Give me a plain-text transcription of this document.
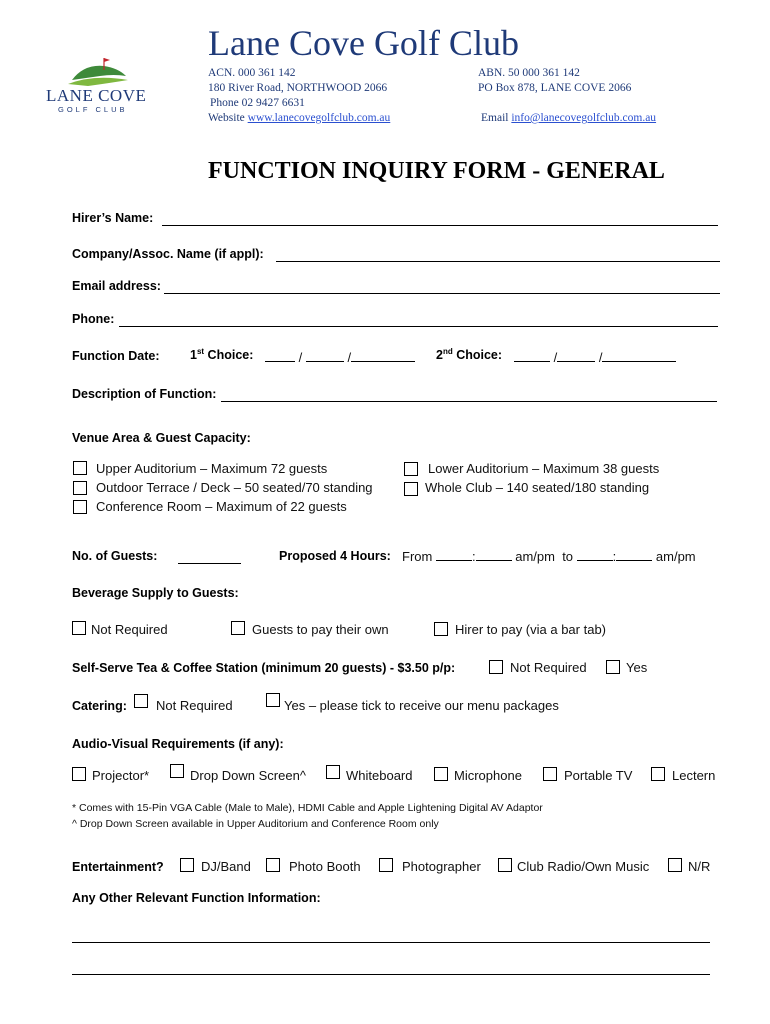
LANE COVE
GOLF CLUB
Lane Cove Golf Club
ACN. 000 361 142
180 River Road, NORTHWOOD 2066
Phone 02 9427 6631
Website www.lanecovegolfclub.com.au
ABN. 50 000 361 142
PO Box 878, LANE COVE 2066
Email info@lanecovegolfclub.com.au
FUNCTION INQUIRY FORM - GENERAL
Hirer’s Name:
Company/Assoc. Name (if appl):
Email address:
Phone:
Function Date: 1st Choice:	/	/	2nd Choice:	/	/
Description of Function:
Venue Area & Guest Capacity:
Upper Auditorium – Maximum 72 guests
Outdoor Terrace / Deck – 50 seated/70 standing
Conference Room – Maximum of 22 guests
Lower Auditorium – Maximum 38 guests
Whole Club – 140 seated/180 standing
No. of Guests:	Proposed 4 Hours: From	:	am/pm to	:	am/pm
Beverage Supply to Guests:
Not Required	Guests to pay their own	Hirer to pay (via a bar tab)
Self-Serve Tea & Coffee Station (minimum 20 guests) - $3.50 p/p:	Not Required	Yes
Catering: Not Required	Yes – please tick to receive our menu packages
Audio-Visual Requirements (if any):
Projector*	Drop Down Screen^	Whiteboard	Microphone	Portable TV	Lectern
* Comes with 15-Pin VGA Cable (Male to Male), HDMI Cable and Apple Lightening Digital AV Adaptor
^ Drop Down Screen available in Upper Auditorium and Conference Room only
Entertainment?	DJ/Band	Photo Booth	Photographer	Club Radio/Own Music	N/R
Any Other Relevant Function Information:
